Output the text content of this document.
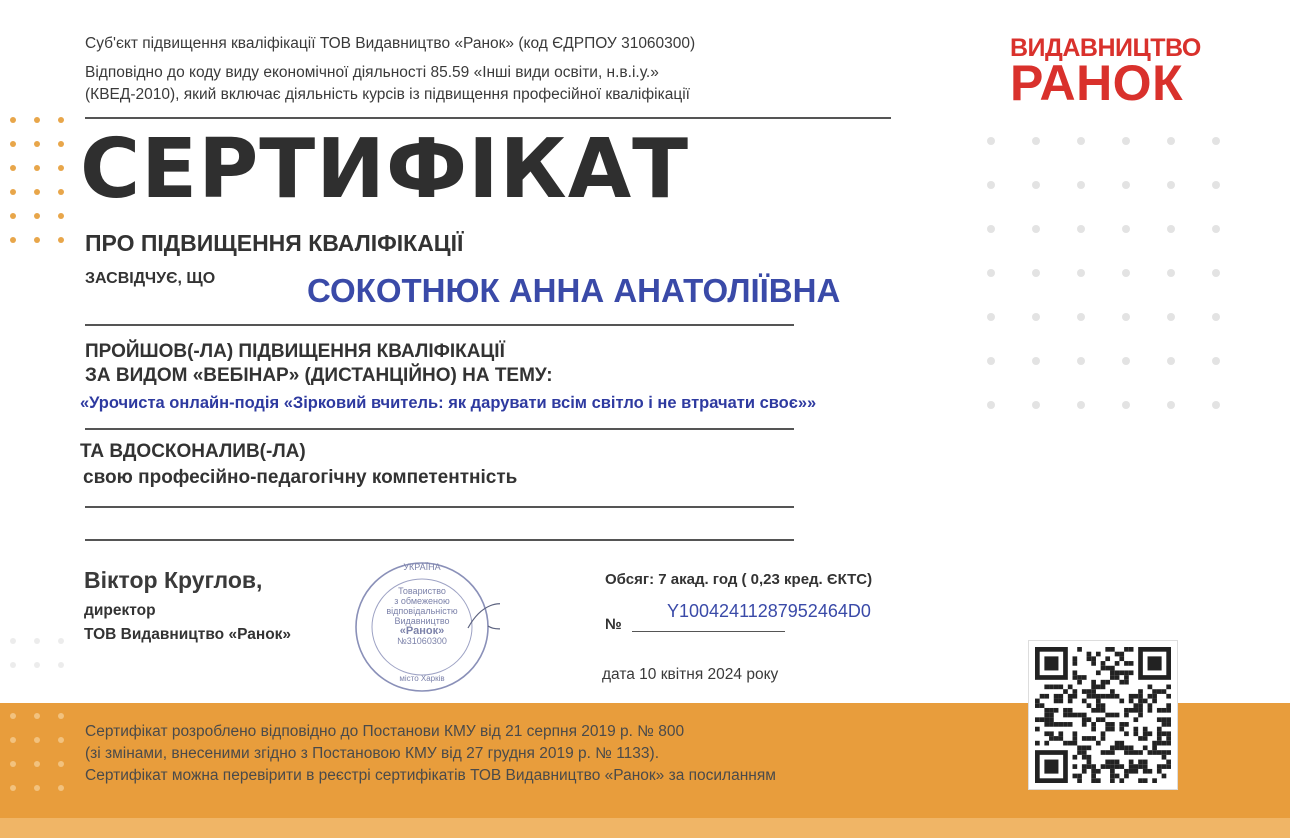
Суб'єкт підвищення кваліфікації ТОВ Видавництво «Ранок» (код ЄДРПОУ 31060300)
Відповідно до коду виду економічної діяльності 85.59 «Інші види освіти, н.в.і.у.»
(КВЕД-2010), який включає діяльність курсів із підвищення професійної кваліфікації
ВИДАВНИЦТВО
РАНОК
СЕРТИФІКАТ
ПРО ПІДВИЩЕННЯ КВАЛІФІКАЦІЇ
ЗАСВІДЧУЄ, ЩО	СОКОТНЮК АННА АНАТОЛІЇВНА
ПРОЙШОВ(-ЛА) ПІДВИЩЕННЯ КВАЛІФІКАЦІЇ
ЗА ВИДОМ «ВЕБІНАР» (ДИСТАНЦІЙНО) НА ТЕМУ:
«Урочиста онлайн-подія «Зірковий вчитель: як дарувати всім світло і не втрачати своє»»
ТА ВДОСКОНАЛИВ(-ЛА)
свою професійно-педагогічну компетентність
Віктор Круглов,
директор
ТОВ Видавництво «Ранок»
УКРАЇНА
Товариство
з обмеженою
відповідальністю
Видавництво
«Ранок»
№31060300
місто Харків
Обсяг: 7 акад. год ( 0,23 кред. ЄКТС)
№
Y10042411287952464D0
дата 10 квітня 2024 року
Сертифікат розроблено відповідно до Постанови КМУ від 21 серпня 2019 р. № 800
(зі змінами, внесеними згідно з Постановою КМУ від 27 грудня 2019 р. № 1133).
Сертифікат можна перевірити в реєстрі сертифікатів ТОВ Видавництво «Ранок» за посиланням
